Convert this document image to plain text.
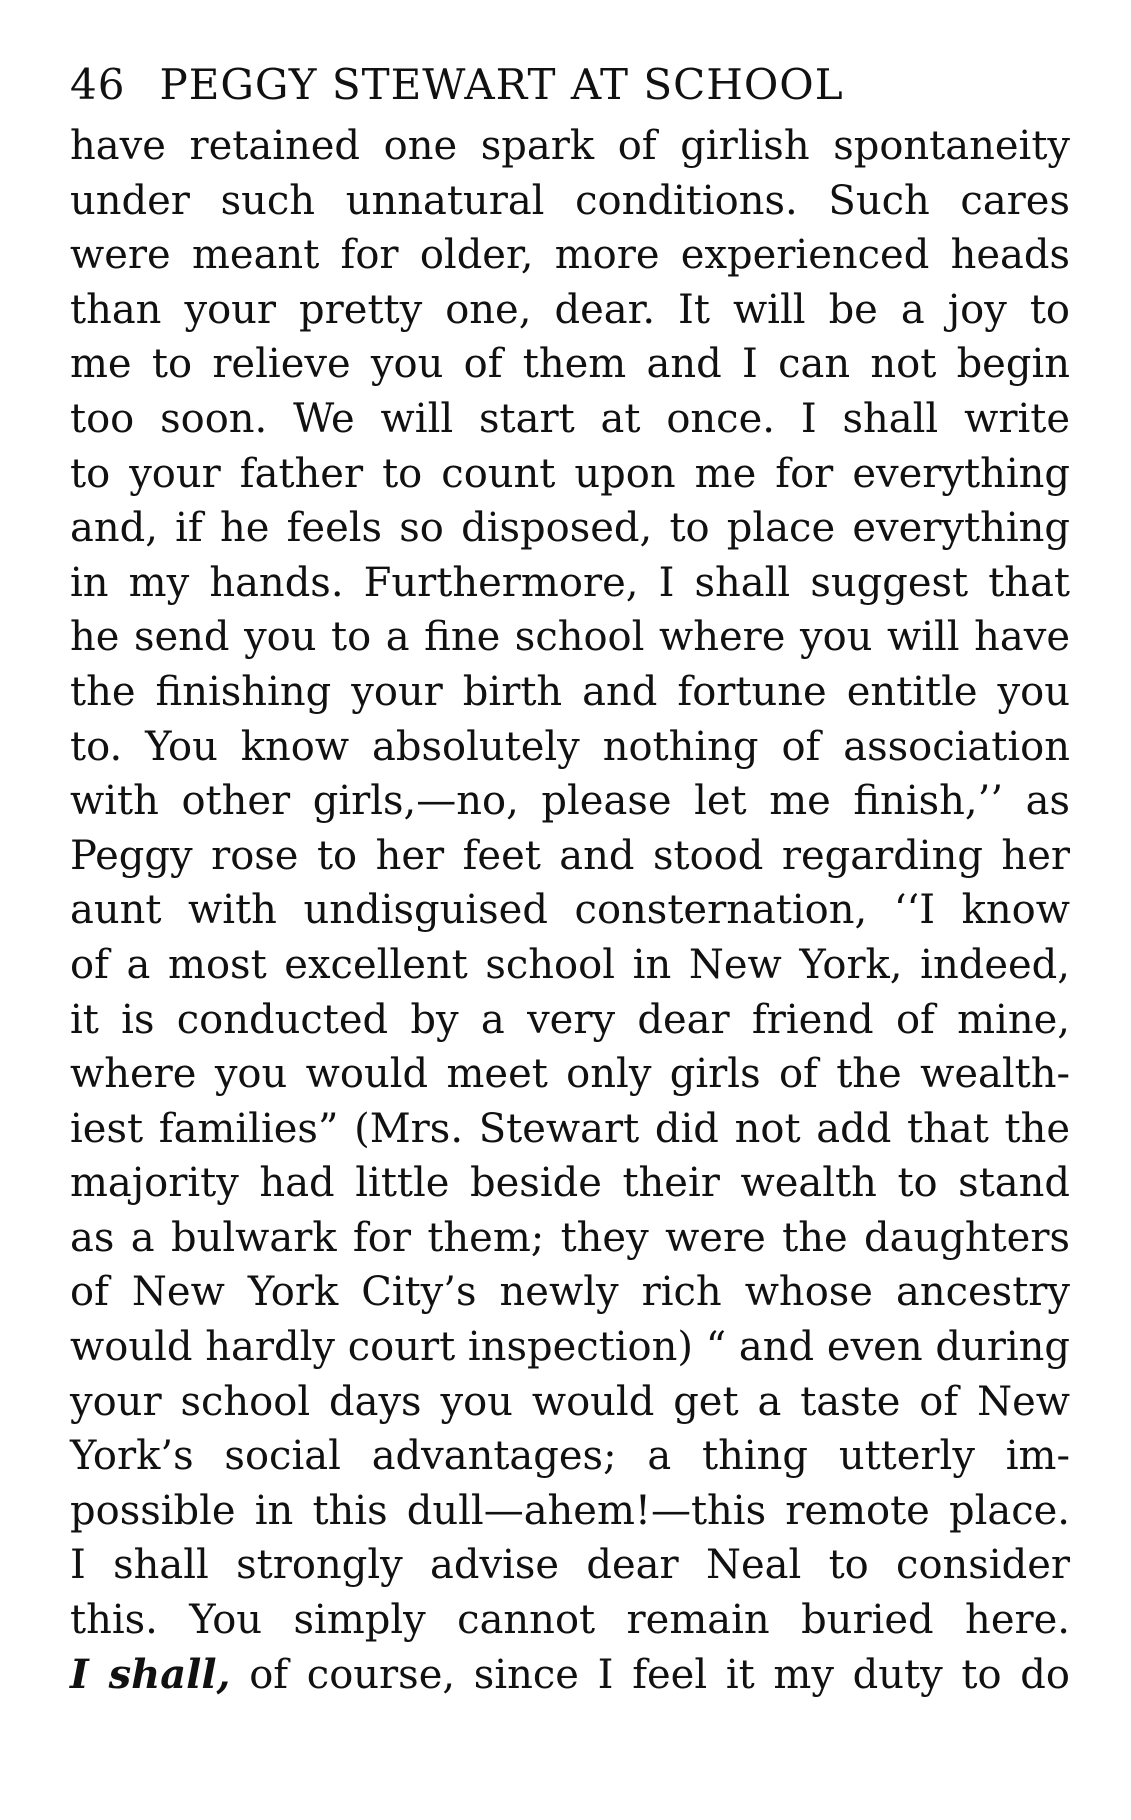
46 PEGGY STEWART AT SCHOOL
have retained one spark of girlish spontaneity
under such unnatural conditions. Such cares
were meant for older, more experienced heads
than your pretty one, dear. It will be a joy to
me to relieve you of them and I can not begin
too soon. We will start at once. I shall write
to your father to count upon me for everything
and, if he feels so disposed, to place everything
in my hands. Furthermore, I shall suggest that
he send you to a fine school where you will have
the finishing your birth and fortune entitle you
to. You know absolutely nothing of association
with other girls,—no, please let me finish,’’ as
Peggy rose to her feet and stood regarding her
aunt with undisguised consternation, ‘‘I know
of a most excellent school in New York, indeed,
it is conducted by a very dear friend of mine,
where you would meet only girls of the wealth-
iest families” (Mrs. Stewart did not add that the
majority had little beside their wealth to stand
as a bulwark for them; they were the daughters
of New York City’s newly rich whose ancestry
would hardly court inspection) “ and even during
your school days you would get a taste of New
York’s social advantages; a thing utterly im-
possible in this dull—ahem!—this remote place.
I shall strongly advise dear Neal to consider
this. You simply cannot remain buried here.
I shall, of course, since I feel it my duty to do
